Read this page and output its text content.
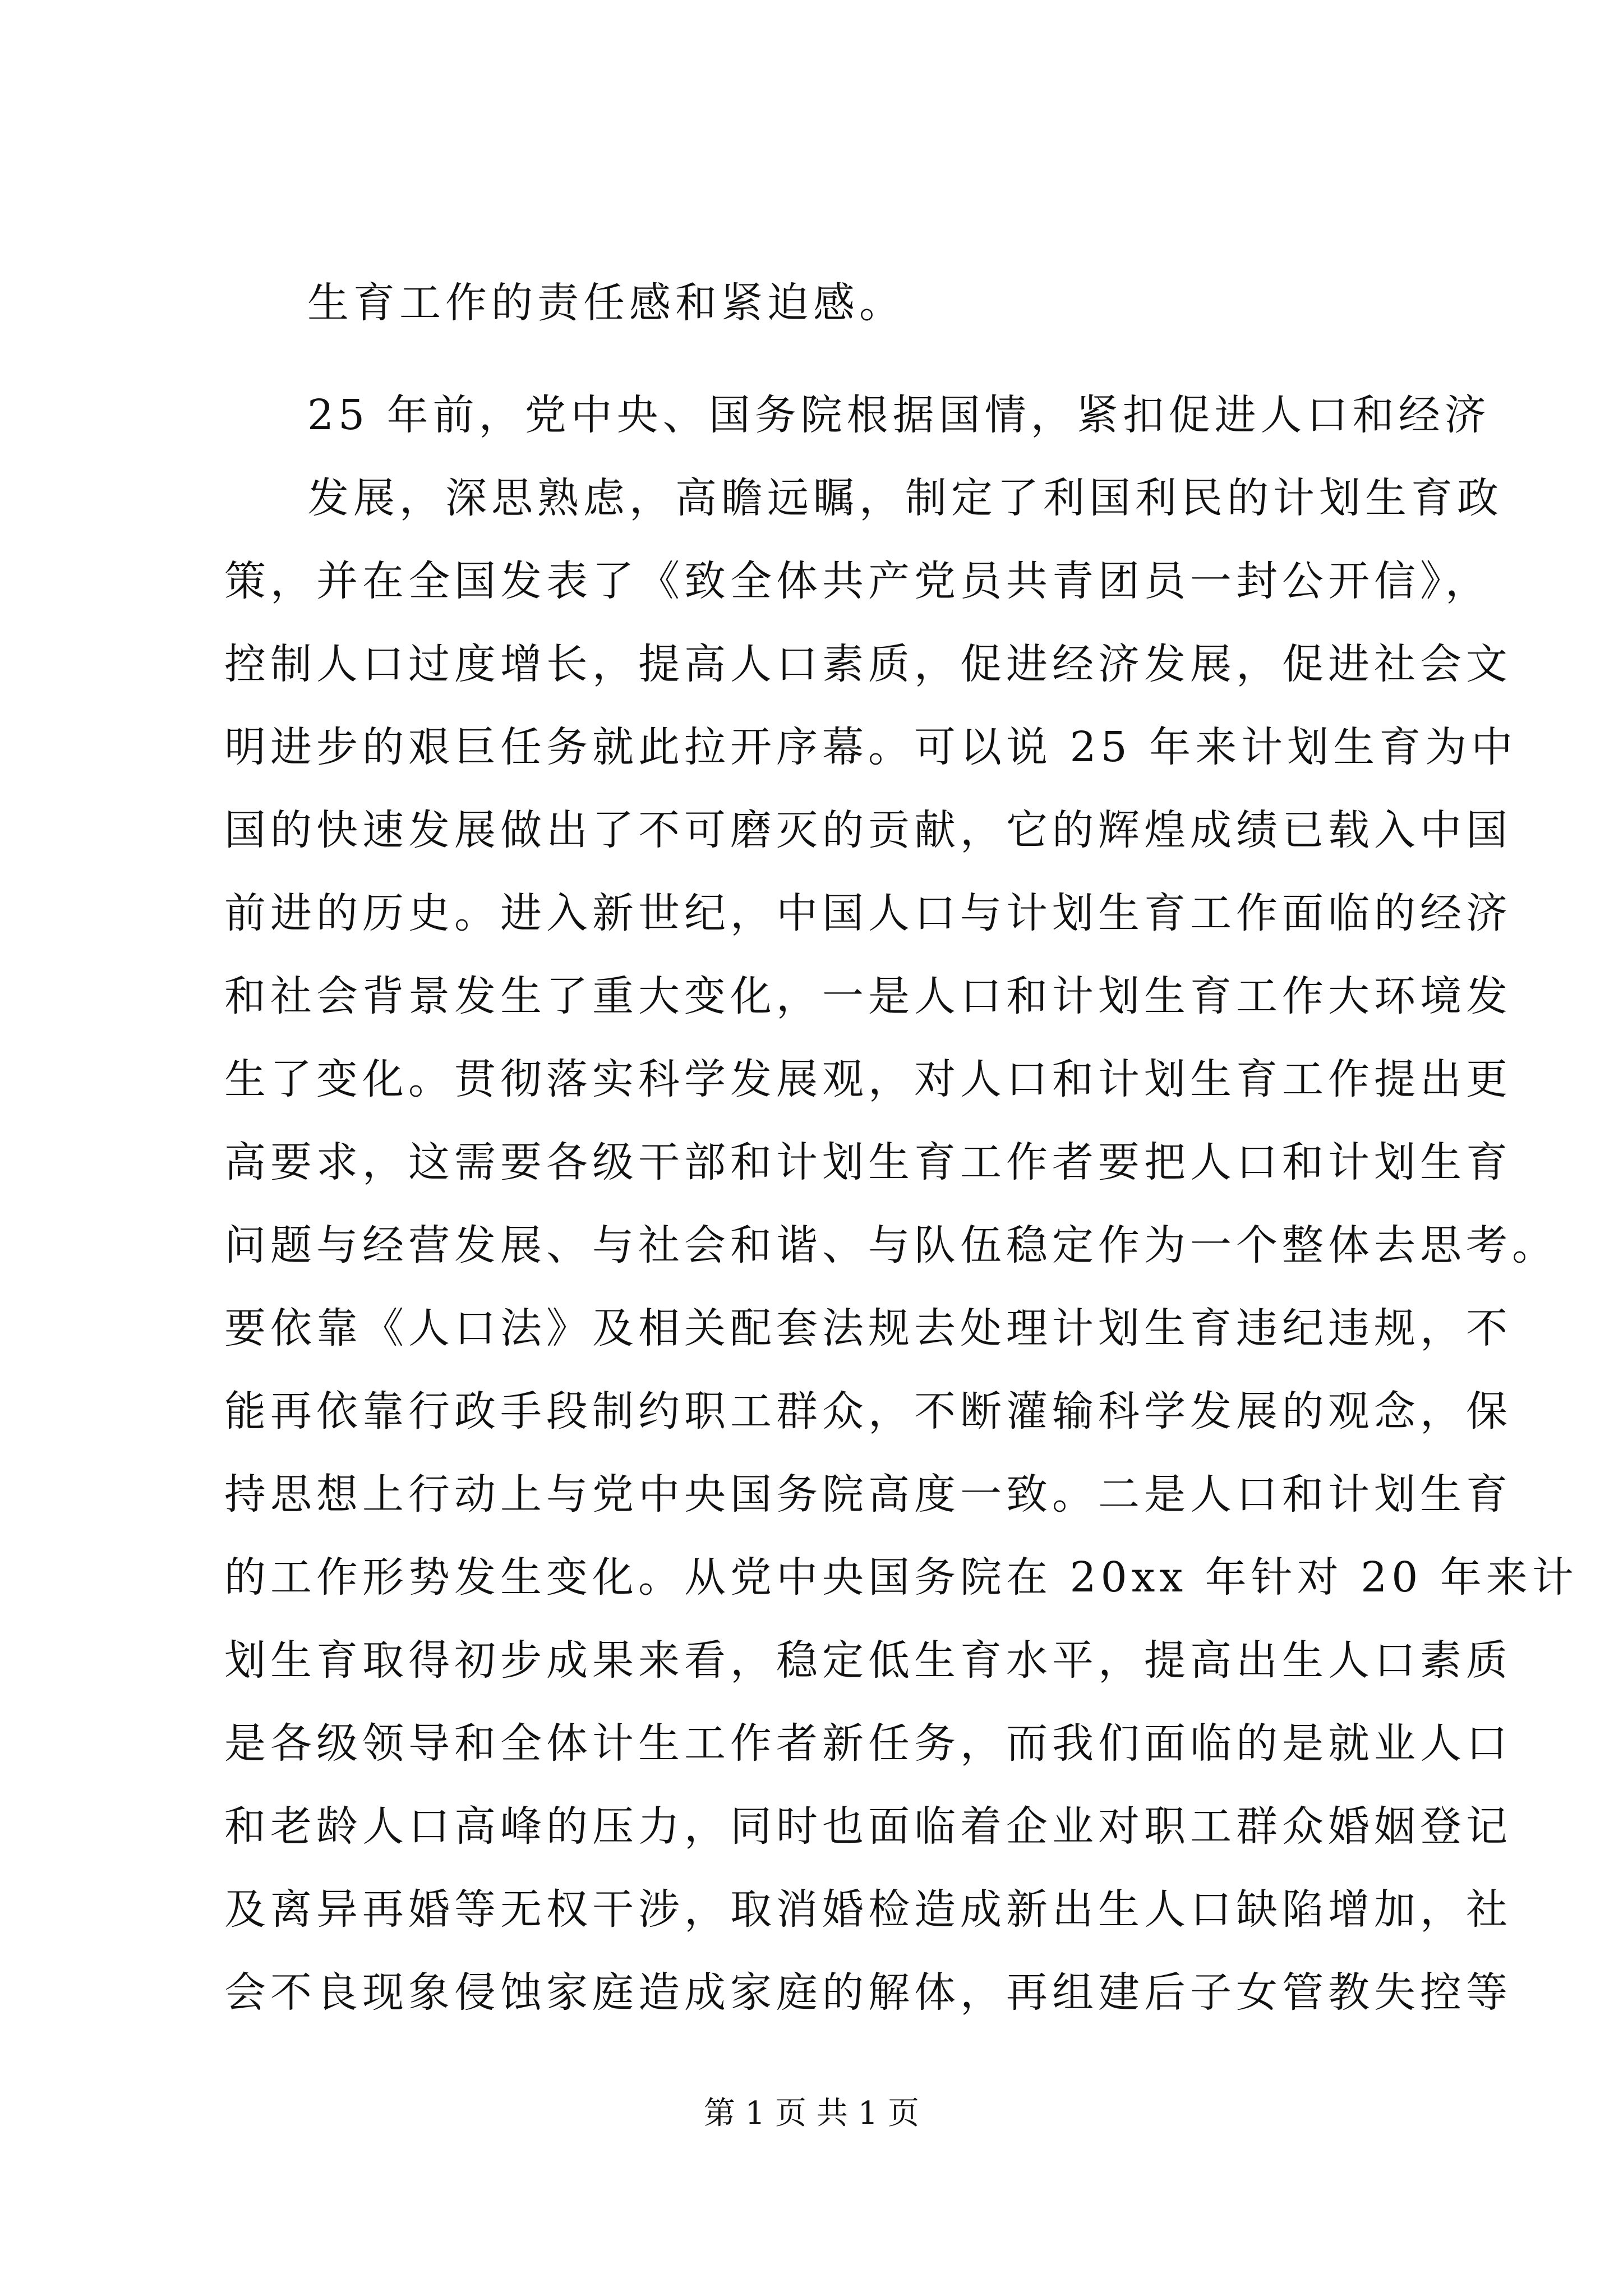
生育工作的责任感和紧迫感。
25 年前，党中央、国务院根据国情，紧扣促进人口和经济
发展，深思熟虑，高瞻远瞩，制定了利国利民的计划生育政
策，并在全国发表了《致全体共产党员共青团员一封公开信》，
控制人口过度增长，提高人口素质，促进经济发展，促进社会文
明进步的艰巨任务就此拉开序幕。可以说 25 年来计划生育为中
国的快速发展做出了不可磨灭的贡献，它的辉煌成绩已载入中国
前进的历史。进入新世纪，中国人口与计划生育工作面临的经济
和社会背景发生了重大变化，一是人口和计划生育工作大环境发
生了变化。贯彻落实科学发展观，对人口和计划生育工作提出更
高要求，这需要各级干部和计划生育工作者要把人口和计划生育
问题与经营发展、与社会和谐、与队伍稳定作为一个整体去思考。
要依靠《人口法》及相关配套法规去处理计划生育违纪违规，不
能再依靠行政手段制约职工群众，不断灌输科学发展的观念，保
持思想上行动上与党中央国务院高度一致。二是人口和计划生育
的工作形势发生变化。从党中央国务院在 20xx 年针对 20 年来计
划生育取得初步成果来看，稳定低生育水平，提高出生人口素质
是各级领导和全体计生工作者新任务，而我们面临的是就业人口
和老龄人口高峰的压力，同时也面临着企业对职工群众婚姻登记
及离异再婚等无权干涉，取消婚检造成新出生人口缺陷增加，社
会不良现象侵蚀家庭造成家庭的解体，再组建后子女管教失控等
第 1 页 共 1 页
